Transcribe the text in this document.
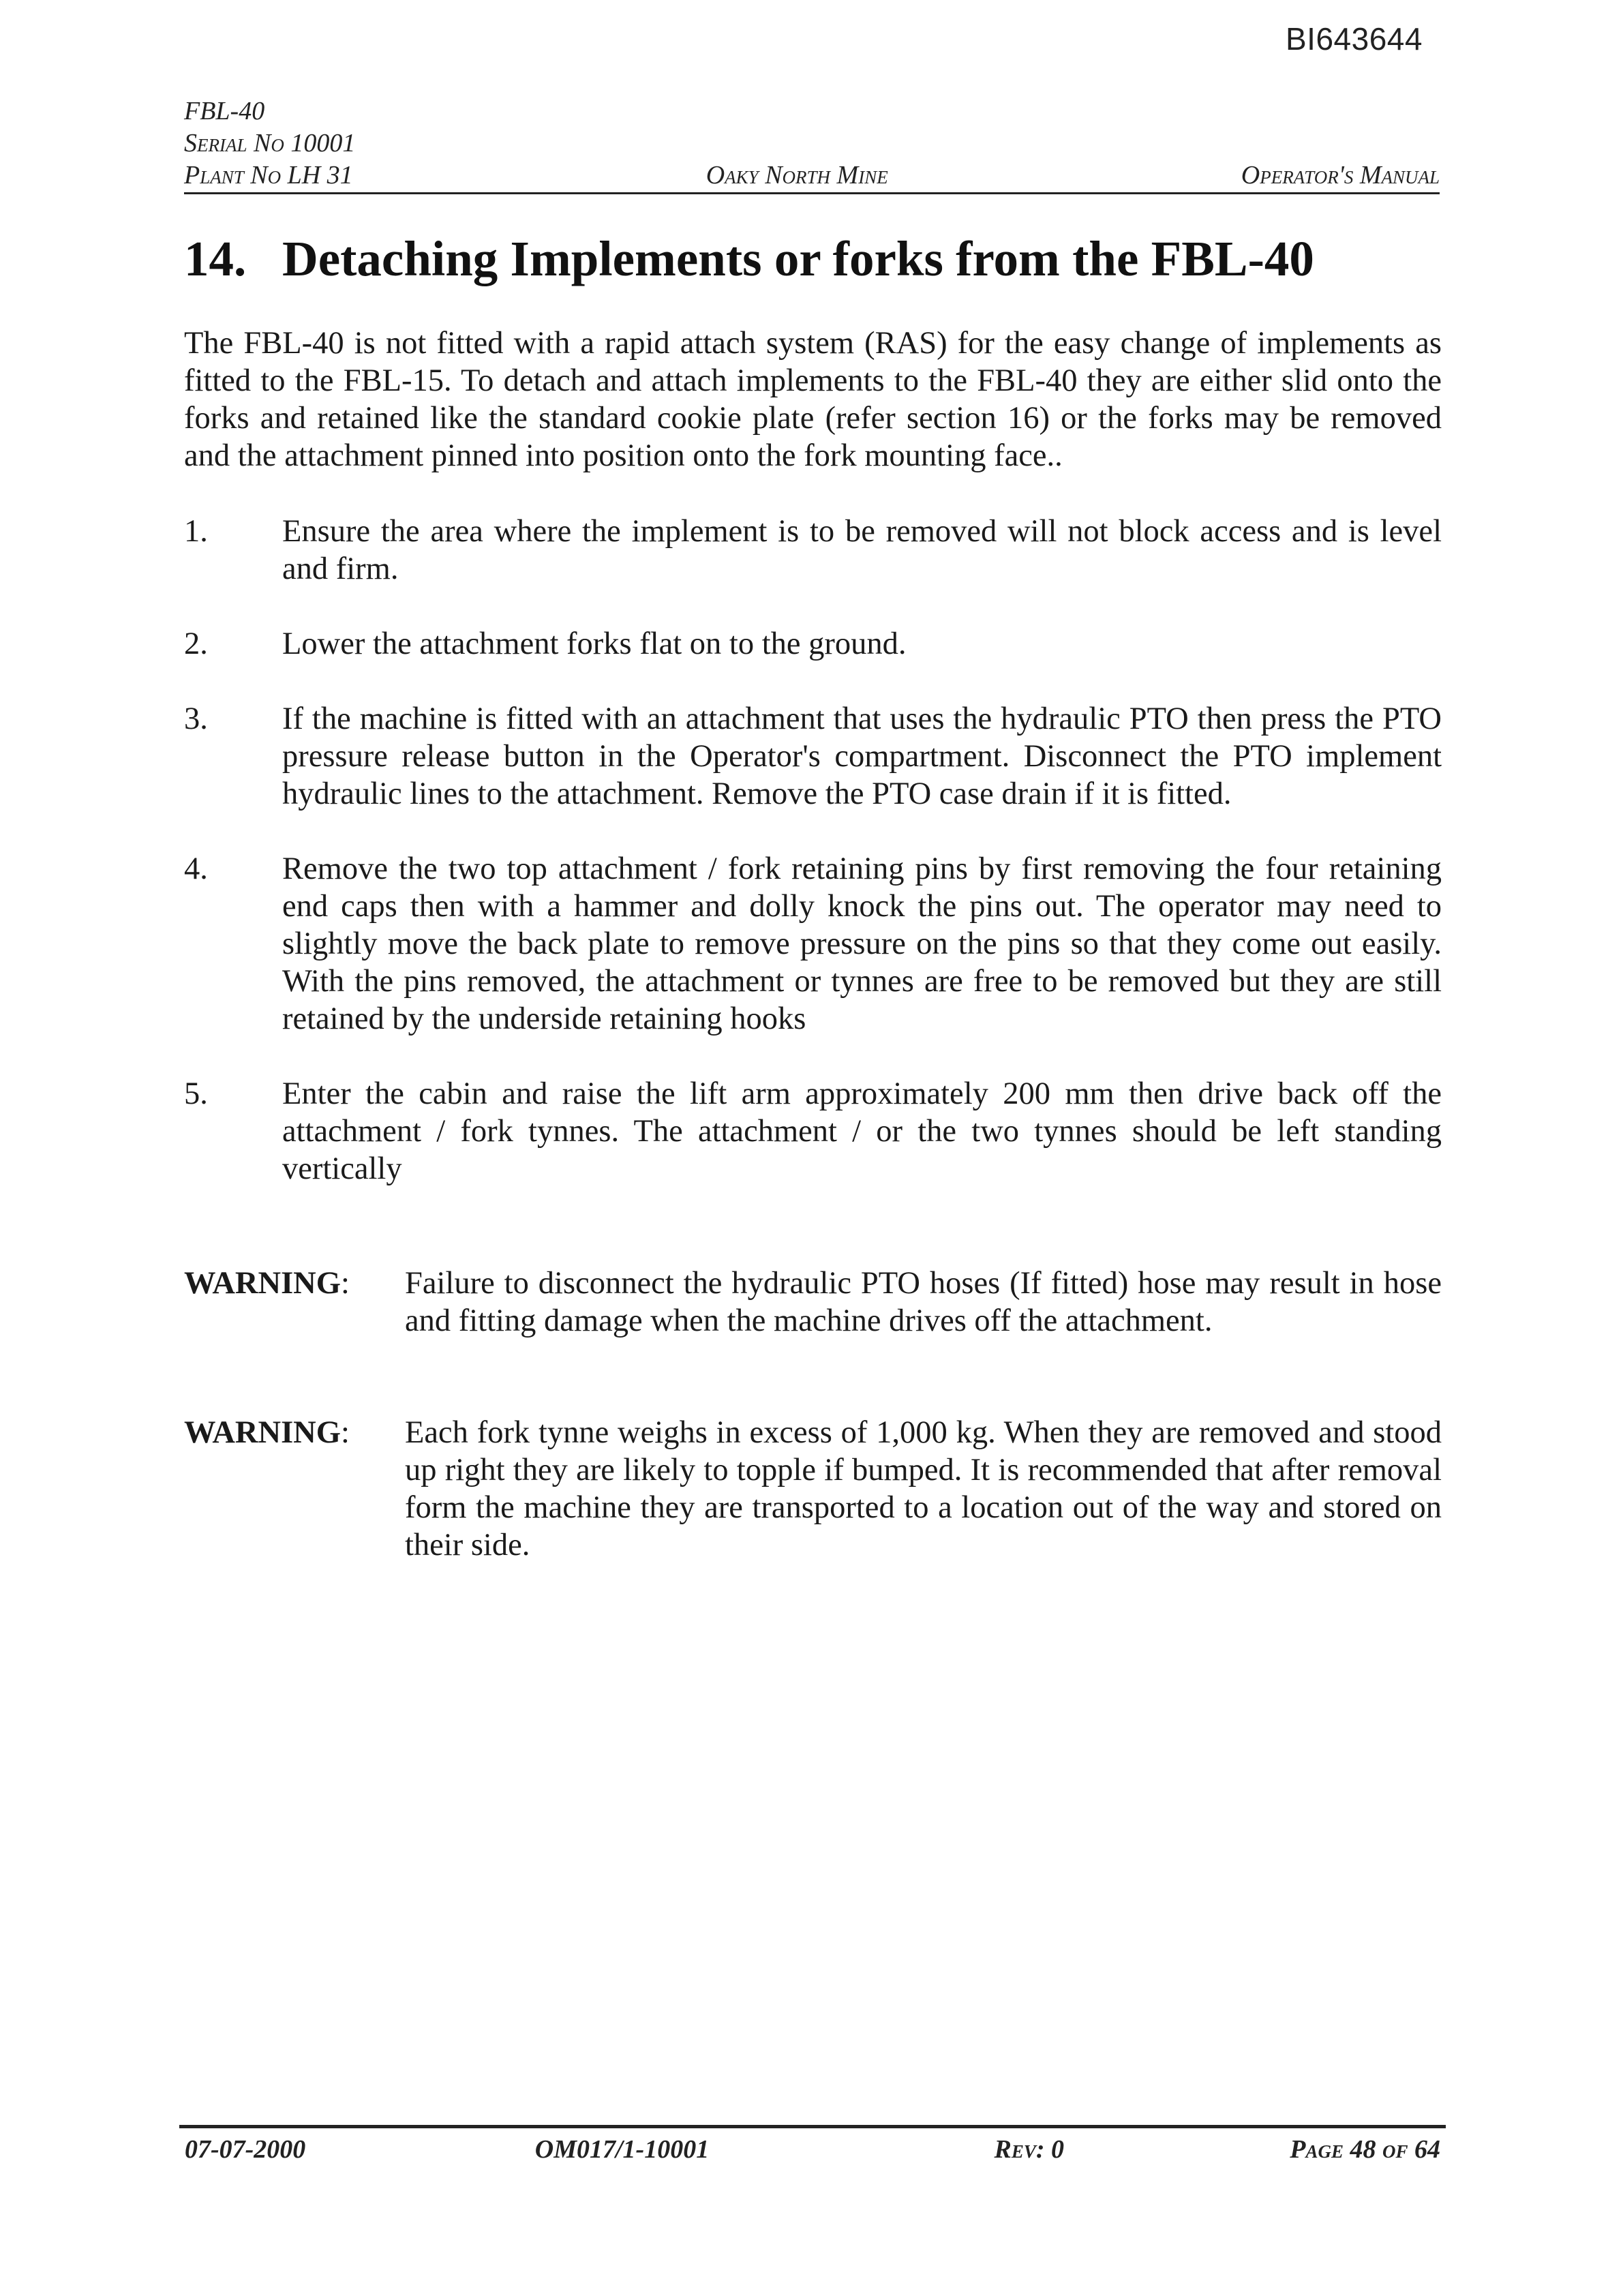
BI643644
FBL-40
Serial No 10001
Plant No LH 31	Oaky North Mine	Operator's Manual
14. Detaching Implements or forks from the FBL-40

The FBL-40 is not fitted with a rapid attach system (RAS) for the easy change of implements as fitted to the FBL-15. To detach and attach implements to the FBL-40 they are either slid onto the forks and retained like the standard cookie plate (refer section 16) or the forks may be removed and the attachment pinned into position onto the fork mounting face..

1.	Ensure the area where the implement is to be removed will not block access and is level and firm.
2.	Lower the attachment forks flat on to the ground.
3.	If the machine is fitted with an attachment that uses the hydraulic PTO then press the PTO pressure release button in the Operator's compartment. Disconnect the PTO implement hydraulic lines to the attachment. Remove the PTO case drain if it is fitted.
4.	Remove the two top attachment / fork retaining pins by first removing the four retaining end caps then with a hammer and dolly knock the pins out. The operator may need to slightly move the back plate to remove pressure on the pins so that they come out easily. With the pins removed, the attachment or tynnes are free to be removed but they are still retained by the underside retaining hooks
5.	Enter the cabin and raise the lift arm approximately 200 mm then drive back off the attachment / fork tynnes. The attachment / or the two tynnes should be left standing vertically
WARNING:	Failure to disconnect the hydraulic PTO hoses (If fitted) hose may result in hose and fitting damage when the machine drives off the attachment.
WARNING:	Each fork tynne weighs in excess of 1,000 kg. When they are removed and stood up right they are likely to topple if bumped. It is recommended that after removal form the machine they are transported to a location out of the way and stored on their side.
07-07-2000	OM017/1-10001	Rev: 0	Page 48 of 64
